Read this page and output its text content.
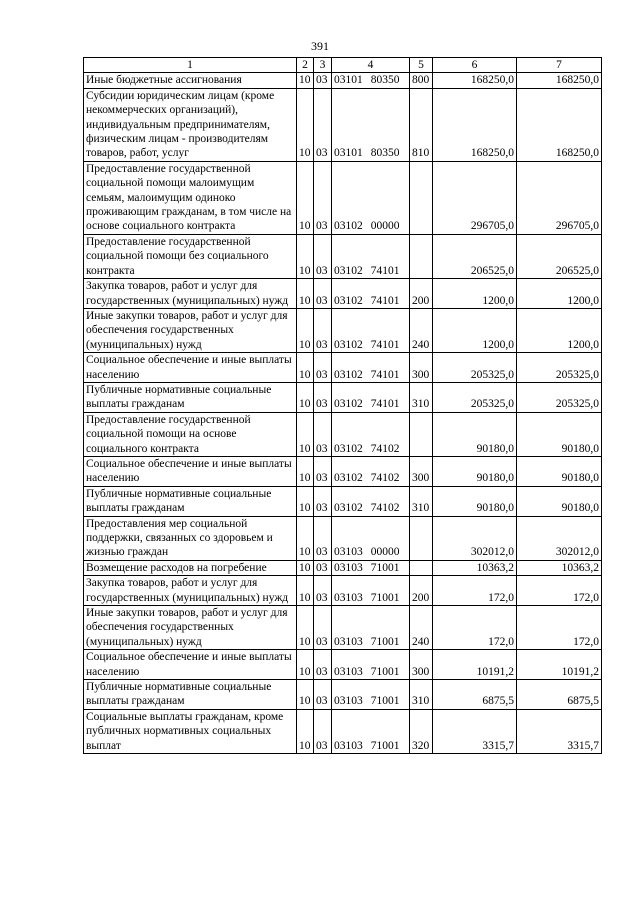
391
1	2	3	4	5	6	7
Иные бюджетные ассигнования	10	03	03101 80350	800	168250,0	168250,0
Субсидии юридическим лицам (кроме некоммерческих организаций), индивидуальным предпринимателям, физическим лицам - производителям товаров, работ, услуг	10	03	03101 80350	810	168250,0	168250,0
Предоставление государственной социальной помощи малоимущим семьям, малоимущим одиноко проживающим гражданам, в том числе на основе социального контракта	10	03	03102 00000		296705,0	296705,0
Предоставление государственной социальной помощи без социального контракта	10	03	03102 74101		206525,0	206525,0
Закупка товаров, работ и услуг для государственных (муниципальных) нужд	10	03	03102 74101	200	1200,0	1200,0
Иные закупки товаров, работ и услуг для обеспечения государственных (муниципальных) нужд	10	03	03102 74101	240	1200,0	1200,0
Социальное обеспечение и иные выплаты населению	10	03	03102 74101	300	205325,0	205325,0
Публичные нормативные социальные выплаты гражданам	10	03	03102 74101	310	205325,0	205325,0
Предоставление государственной социальной помощи на основе социального контракта	10	03	03102 74102		90180,0	90180,0
Социальное обеспечение и иные выплаты населению	10	03	03102 74102	300	90180,0	90180,0
Публичные нормативные социальные выплаты гражданам	10	03	03102 74102	310	90180,0	90180,0
Предоставления мер социальной поддержки, связанных со здоровьем и жизнью граждан	10	03	03103 00000		302012,0	302012,0
Возмещение расходов на погребение	10	03	03103 71001		10363,2	10363,2
Закупка товаров, работ и услуг для государственных (муниципальных) нужд	10	03	03103 71001	200	172,0	172,0
Иные закупки товаров, работ и услуг для обеспечения государственных (муниципальных) нужд	10	03	03103 71001	240	172,0	172,0
Социальное обеспечение и иные выплаты населению	10	03	03103 71001	300	10191,2	10191,2
Публичные нормативные социальные выплаты гражданам	10	03	03103 71001	310	6875,5	6875,5
Социальные выплаты гражданам, кроме публичных нормативных социальных выплат	10	03	03103 71001	320	3315,7	3315,7
